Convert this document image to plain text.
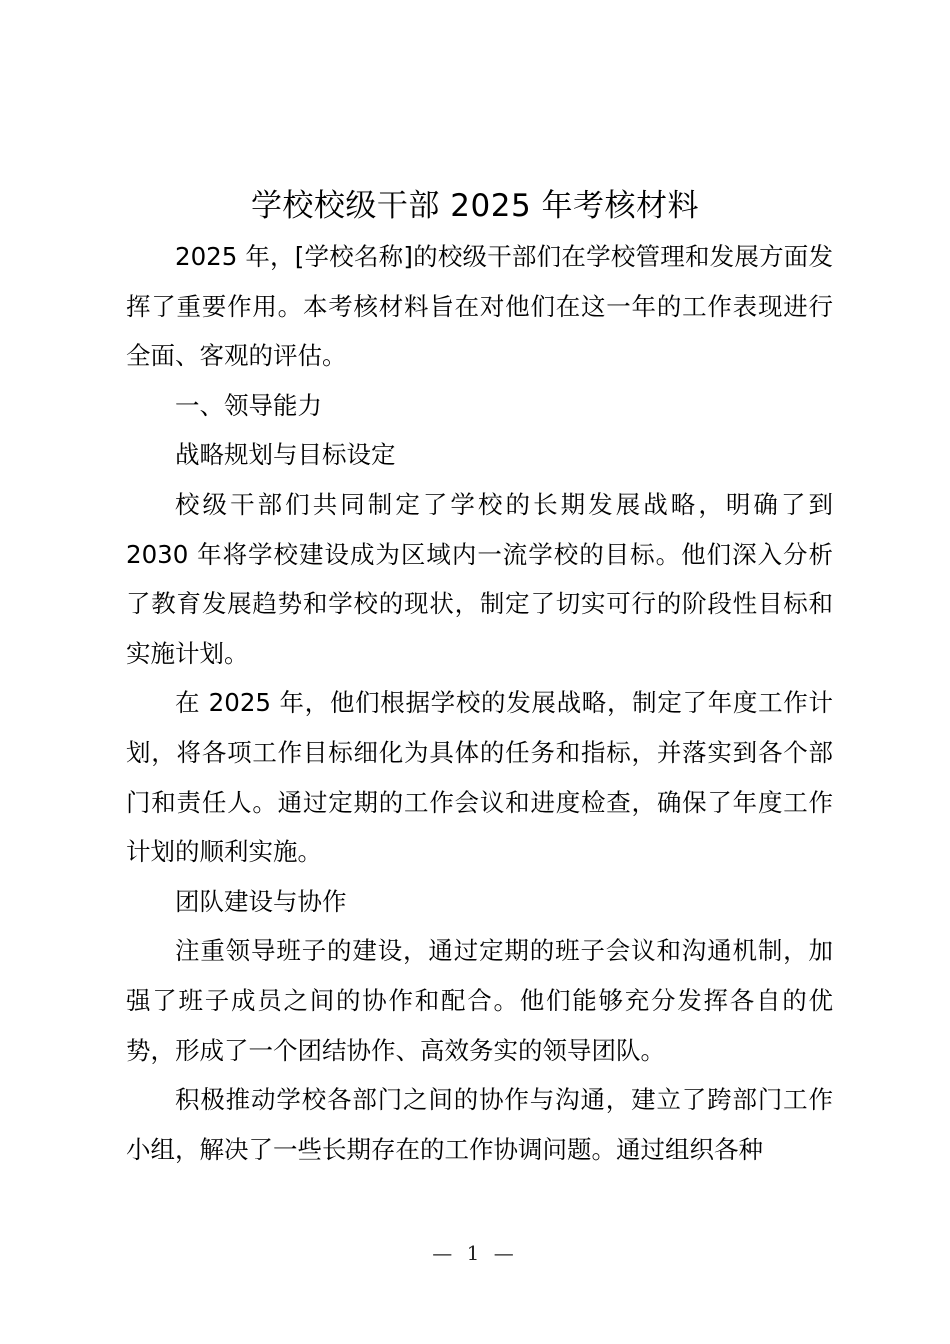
学校校级干部 2025 年考核材料

2025 年，[学校名称]的校级干部们在学校管理和发展方面发挥了重要作用。本考核材料旨在对他们在这一年的工作表现进行全面、客观的评估。

一、领导能力

战略规划与目标设定

校级干部们共同制定了学校的长期发展战略，明确了到 2030 年将学校建设成为区域内一流学校的目标。他们深入分析了教育发展趋势和学校的现状，制定了切实可行的阶段性目标和实施计划。

在 2025 年，他们根据学校的发展战略，制定了年度工作计划，将各项工作目标细化为具体的任务和指标，并落实到各个部门和责任人。通过定期的工作会议和进度检查，确保了年度工作计划的顺利实施。

团队建设与协作

注重领导班子的建设，通过定期的班子会议和沟通机制，加强了班子成员之间的协作和配合。他们能够充分发挥各自的优势，形成了一个团结协作、高效务实的领导团队。

积极推动学校各部门之间的协作与沟通，建立了跨部门工作小组，解决了一些长期存在的工作协调问题。通过组织各种

— 1 —
